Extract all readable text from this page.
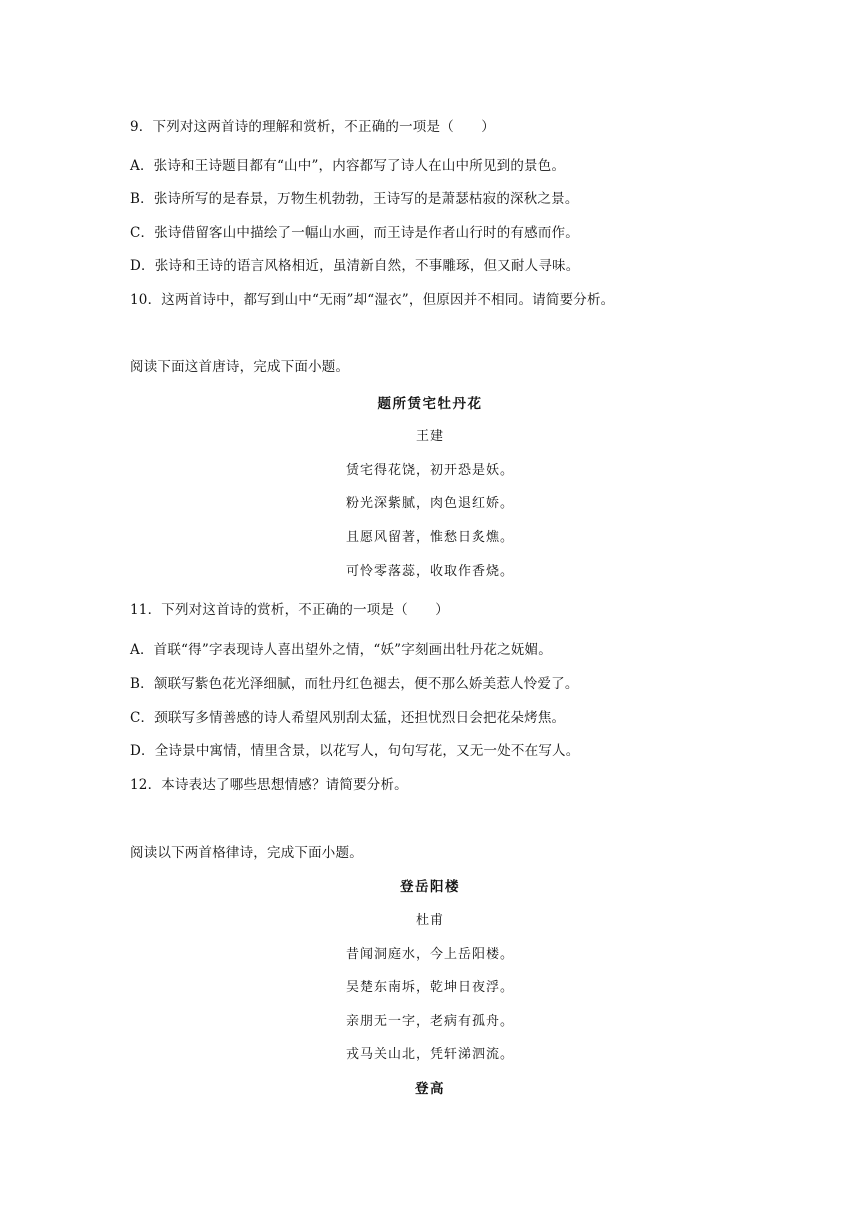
9．下列对这两首诗的理解和赏析，不正确的一项是（　　）
A．张诗和王诗题目都有“山中”，内容都写了诗人在山中所见到的景色。
B．张诗所写的是春景，万物生机勃勃，王诗写的是萧瑟枯寂的深秋之景。
C．张诗借留客山中描绘了一幅山水画，而王诗是作者山行时的有感而作。
D．张诗和王诗的语言风格相近，虽清新自然，不事雕琢，但又耐人寻味。
10．这两首诗中，都写到山中“无雨”却“湿衣”，但原因并不相同。请简要分析。
阅读下面这首唐诗，完成下面小题。
题所赁宅牡丹花
王建
赁宅得花饶，初开恐是妖。
粉光深紫腻，肉色退红娇。
且愿风留著，惟愁日炙燋。
可怜零落蕊，收取作香烧。
11．下列对这首诗的赏析，不正确的一项是（　　）
A．首联“得”字表现诗人喜出望外之情，“妖”字刻画出牡丹花之妩媚。
B．颔联写紫色花光泽细腻，而牡丹红色褪去，便不那么娇美惹人怜爱了。
C．颈联写多情善感的诗人希望风别刮太猛，还担忧烈日会把花朵烤焦。
D．全诗景中寓情，情里含景，以花写人，句句写花，又无一处不在写人。
12．本诗表达了哪些思想情感？请简要分析。
阅读以下两首格律诗，完成下面小题。
登岳阳楼
杜甫
昔闻洞庭水，今上岳阳楼。
吴楚东南坼，乾坤日夜浮。
亲朋无一字，老病有孤舟。
戎马关山北，凭轩涕泗流。
登高
